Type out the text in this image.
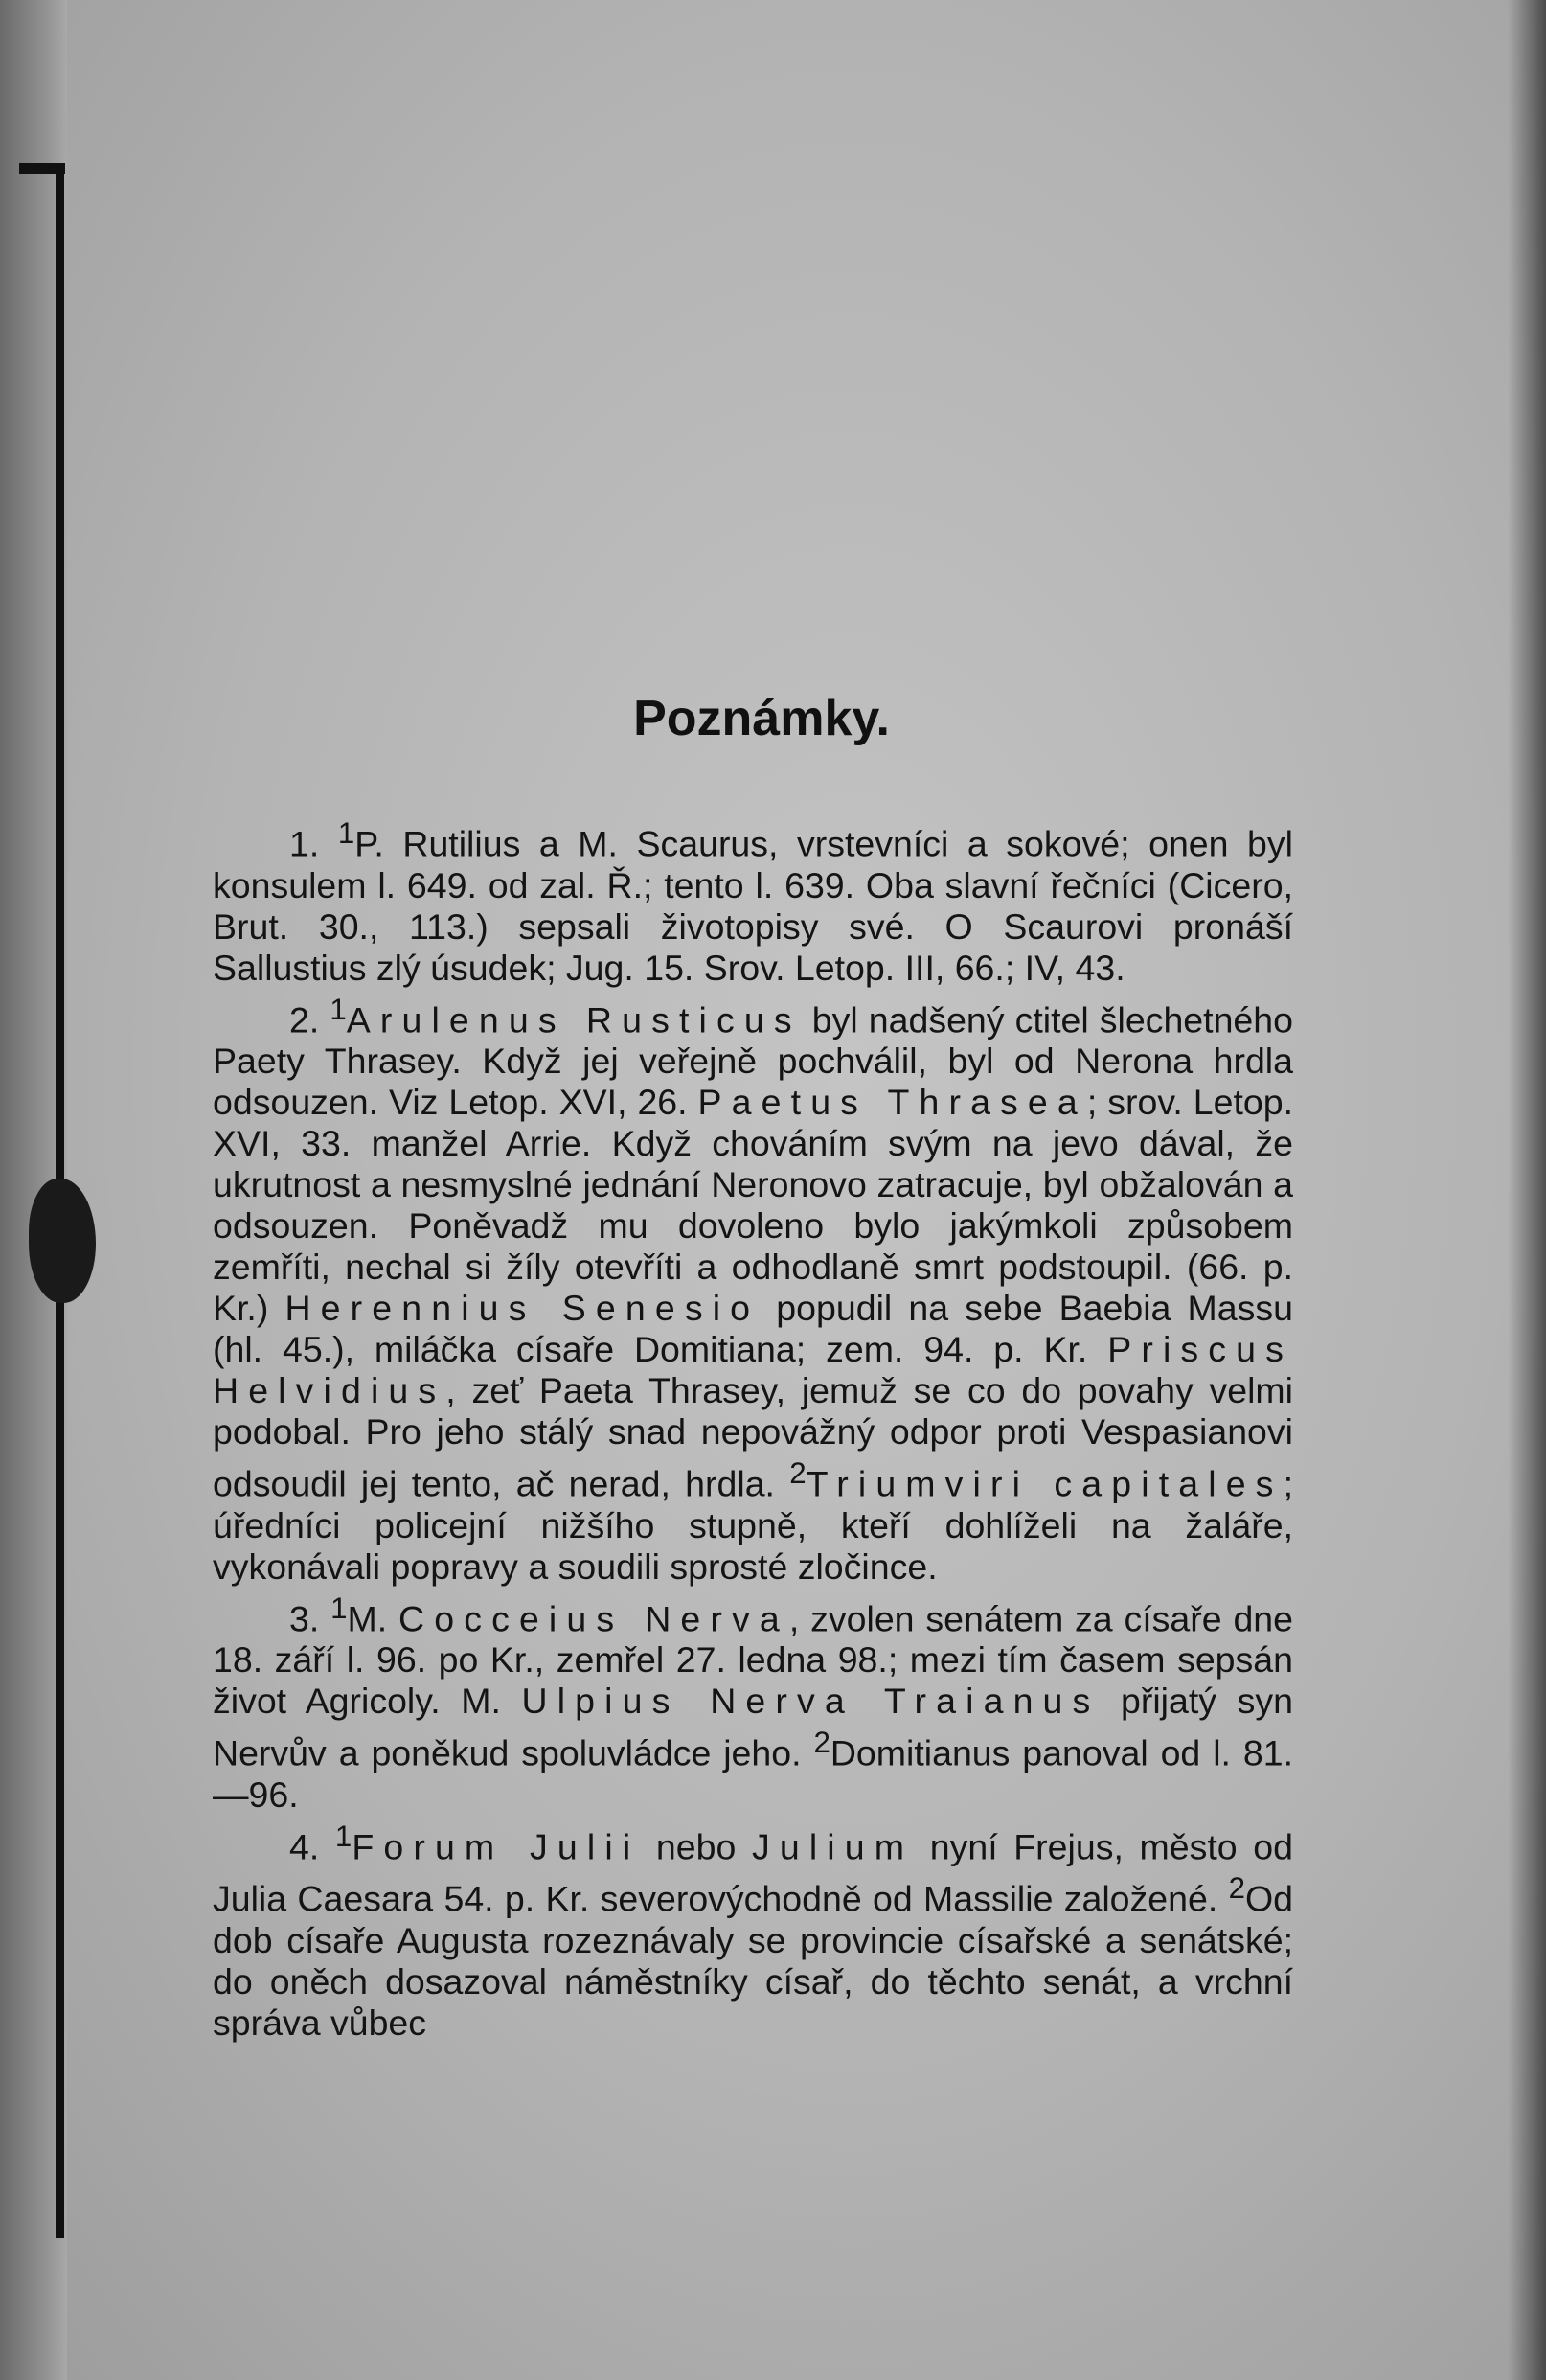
Poznámky.

1. $^1$P. Rutilius a M. Scaurus, vrstevníci a sokové; onen byl konsulem l. 649. od zal. Ř.; tento l. 639. Oba slavní řečníci (Cicero, Brut. 30., 113.) sepsali životopisy své. O Scaurovi pronáší Sallustius zlý úsudek; Jug. 15. Srov. Letop. III, 66.; IV, 43.

2. $^1$Arulenus Rusticus byl nadšený ctitel šlechetného Paety Thrasey. Když jej veřejně pochválil, byl od Nerona hrdla odsouzen. Viz Letop. XVI, 26. Paetus Thrasea; srov. Letop. XVI, 33. manžel Arrie. Když chováním svým na jevo dával, že ukrutnost a nesmyslné jednání Neronovo zatracuje, byl obžalován a odsouzen. Poněvadž mu dovoleno bylo jakýmkoli způsobem zemříti, nechal si žíly otevříti a odhodlaně smrt podstoupil. (66. p. Kr.) Herennius Senesio popudil na sebe Baebia Massu (hl. 45.), miláčka císaře Domitiana; zem. 94. p. Kr. Priscus Helvidius, zeť Paeta Thrasey, jemuž se co do povahy velmi podobal. Pro jeho stálý snad nepovážný odpor proti Vespasianovi odsoudil jej tento, ač nerad, hrdla. $^2$Triumviri capitales; úředníci policejní nižšího stupně, kteří dohlíželi na žaláře, vykonávali popravy a soudili sprosté zločince.

3. $^1$M. Cocceius Nerva, zvolen senátem za císaře dne 18. září l. 96. po Kr., zemřel 27. ledna 98.; mezi tím časem sepsán život Agricoly. M. Ulpius Nerva Traianus přijatý syn Nervův a poněkud spoluvládce jeho. $^2$Domitianus panoval od l. 81.—96.

4. $^1$Forum Julii nebo Julium nyní Frejus, město od Julia Caesara 54. p. Kr. severovýchodně od Massilie založené. $^2$Od dob císaře Augusta rozeznávaly se provincie císařské a senátské; do oněch dosazoval náměstníky císař, do těchto senát, a vrchní správa vůbec
